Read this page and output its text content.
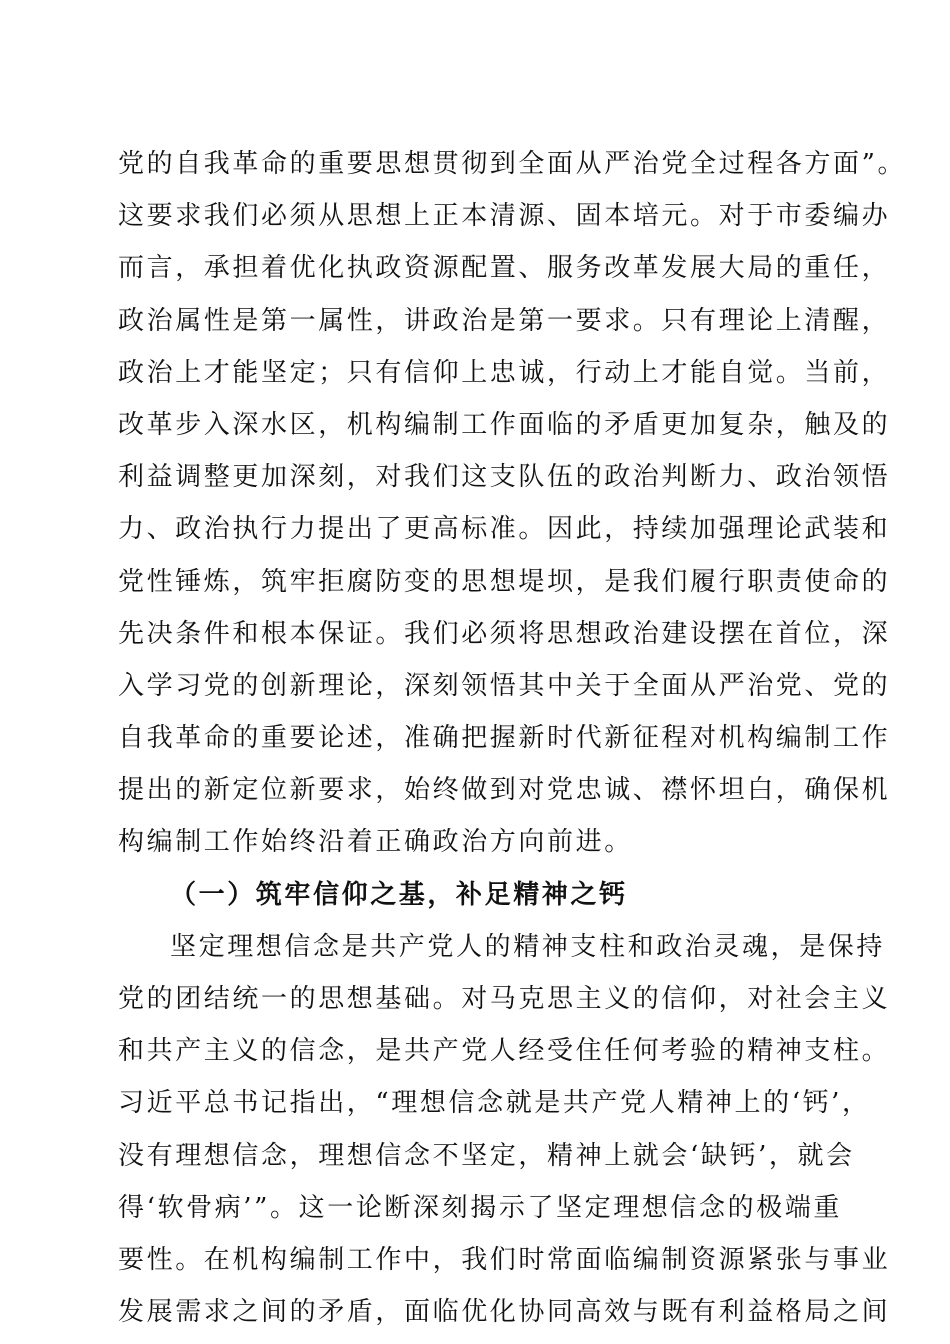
党的自我革命的重要思想贯彻到全面从严治党全过程各方面”。
这要求我们必须从思想上正本清源、固本培元。对于市委编办
而言，承担着优化执政资源配置、服务改革发展大局的重任，
政治属性是第一属性，讲政治是第一要求。只有理论上清醒，
政治上才能坚定；只有信仰上忠诚，行动上才能自觉。当前，
改革步入深水区，机构编制工作面临的矛盾更加复杂，触及的
利益调整更加深刻，对我们这支队伍的政治判断力、政治领悟
力、政治执行力提出了更高标准。因此，持续加强理论武装和
党性锤炼，筑牢拒腐防变的思想堤坝，是我们履行职责使命的
先决条件和根本保证。我们必须将思想政治建设摆在首位，深
入学习党的创新理论，深刻领悟其中关于全面从严治党、党的
自我革命的重要论述，准确把握新时代新征程对机构编制工作
提出的新定位新要求，始终做到对党忠诚、襟怀坦白，确保机
构编制工作始终沿着正确政治方向前进。
（一）筑牢信仰之基，补足精神之钙
坚定理想信念是共产党人的精神支柱和政治灵魂，是保持
党的团结统一的思想基础。对马克思主义的信仰，对社会主义
和共产主义的信念，是共产党人经受住任何考验的精神支柱。
习近平总书记指出，“理想信念就是共产党人精神上的‘钙’，
没有理想信念，理想信念不坚定，精神上就会‘缺钙’，就会
得‘软骨病’”。这一论断深刻揭示了坚定理想信念的极端重
要性。在机构编制工作中，我们时常面临编制资源紧张与事业
发展需求之间的矛盾，面临优化协同高效与既有利益格局之间
